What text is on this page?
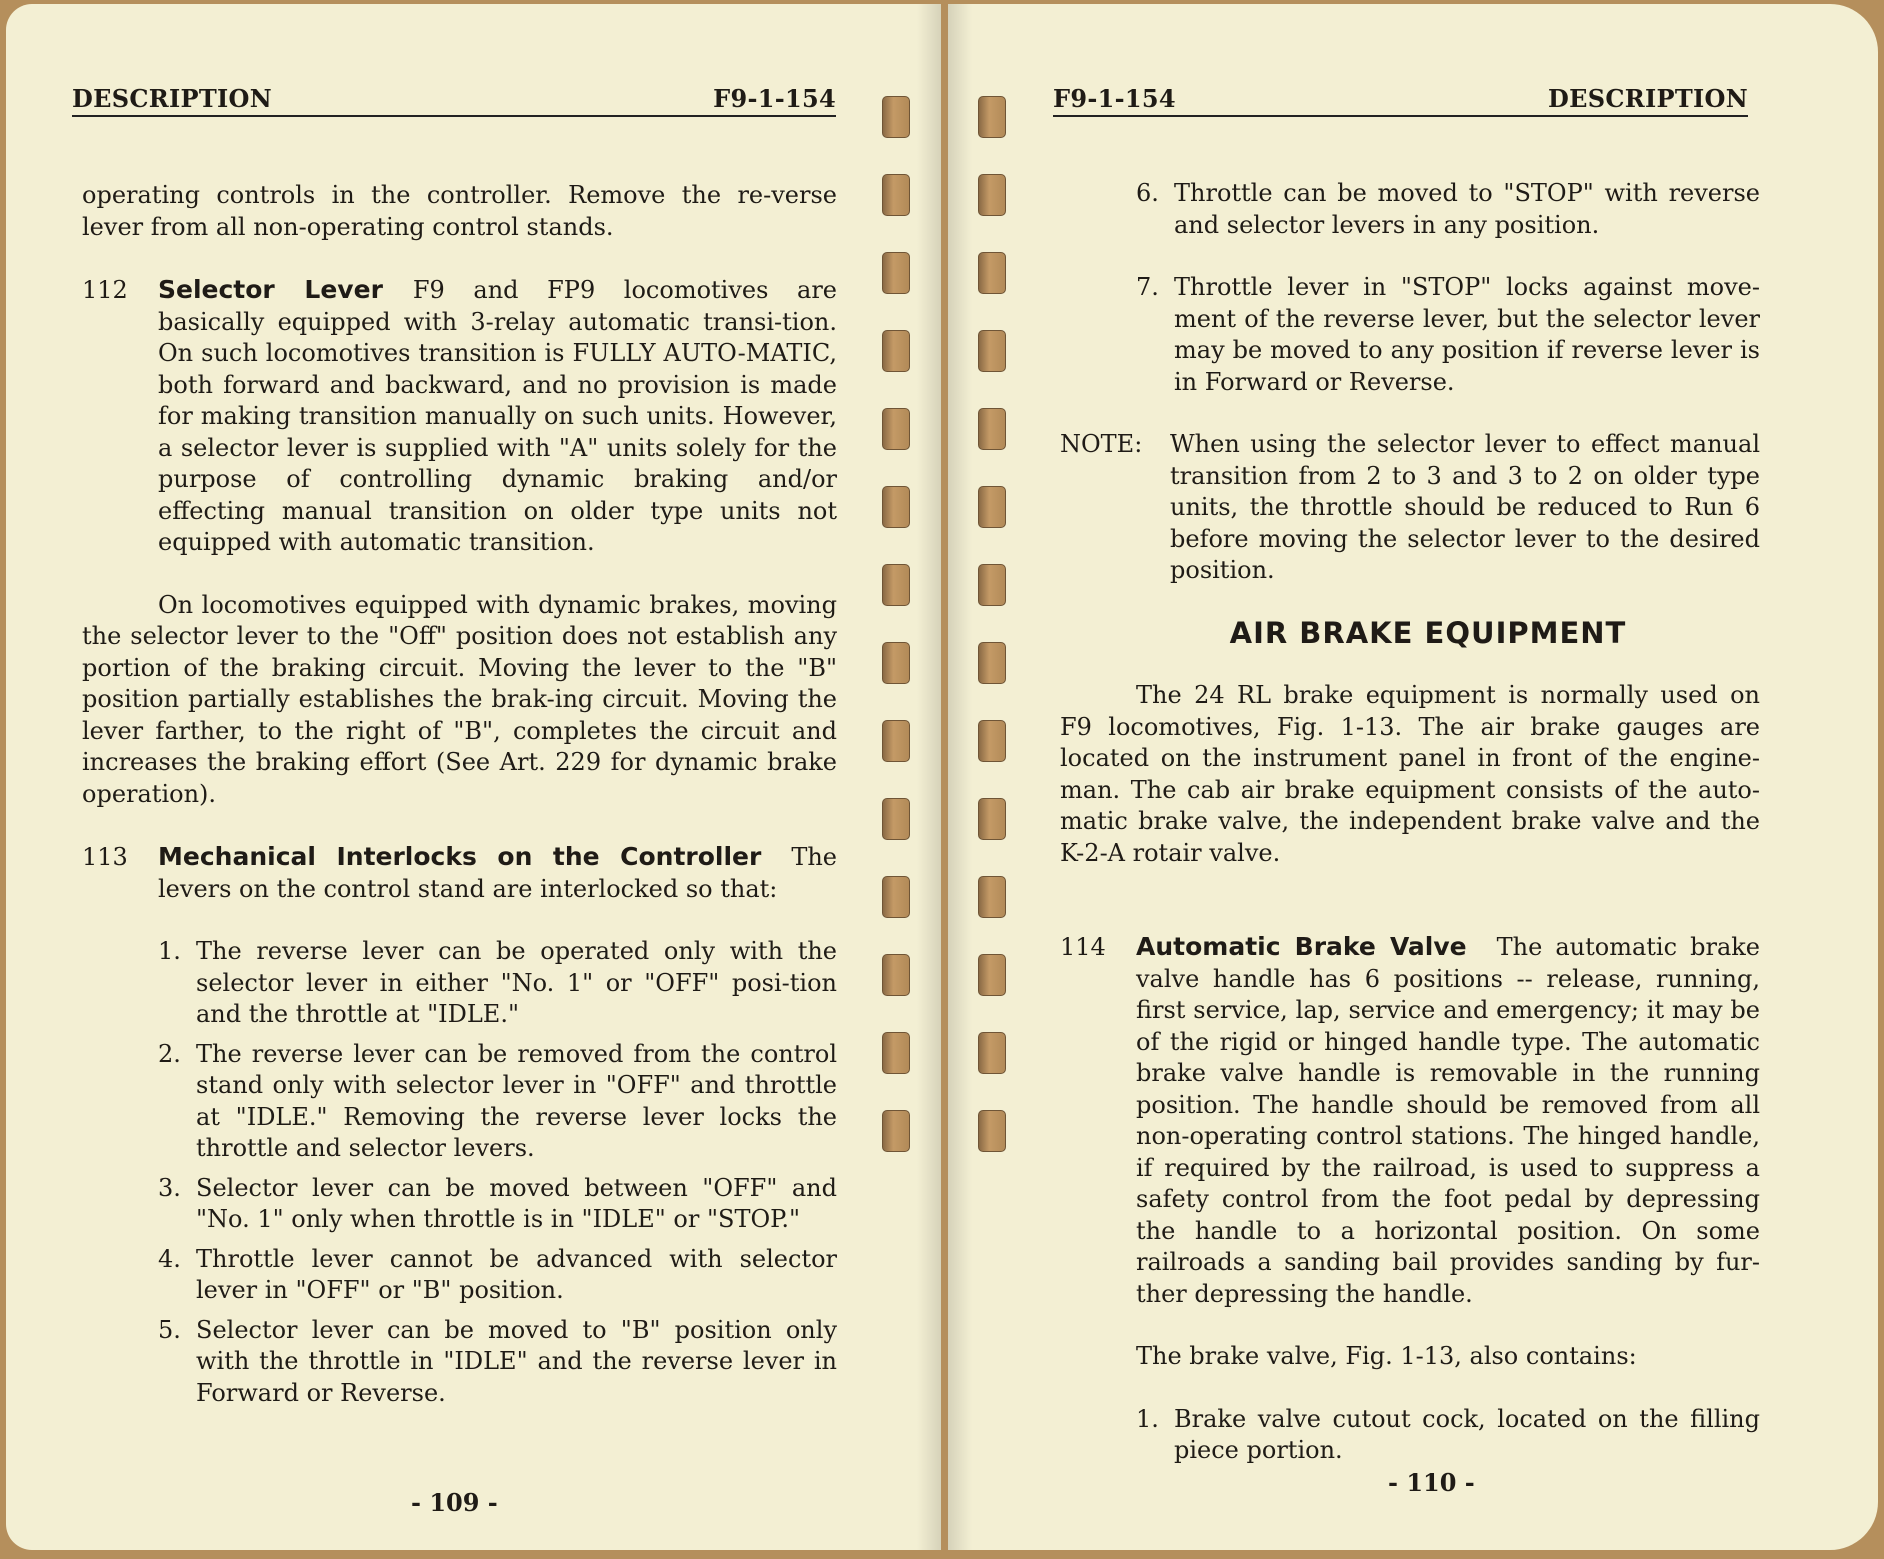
DESCRIPTION	F9-1-154

operating controls in the controller. Remove the re-verse lever from all non-operating control stands.

112 Selector Lever F9 and FP9 locomotives are basically equipped with 3-relay automatic transi-tion. On such locomotives transition is FULLY AUTO-MATIC, both forward and backward, and no provision is made for making transition manually on such units. However, a selector lever is supplied with "A" units solely for the purpose of controlling dynamic braking and/or effecting manual transition on older type units not equipped with automatic transition.

On locomotives equipped with dynamic brakes, moving the selector lever to the "Off" position does not establish any portion of the braking circuit. Moving the lever to the "B" position partially establishes the brak-ing circuit. Moving the lever farther, to the right of "B", completes the circuit and increases the braking effort (See Art. 229 for dynamic brake operation).

113 Mechanical Interlocks on the Controller The levers on the control stand are interlocked so that:

1. The reverse lever can be operated only with the selector lever in either "No. 1" or "OFF" posi-tion and the throttle at "IDLE."

2. The reverse lever can be removed from the control stand only with selector lever in "OFF" and throttle at "IDLE." Removing the reverse lever locks the throttle and selector levers.

3. Selector lever can be moved between "OFF" and "No. 1" only when throttle is in "IDLE" or "STOP."

4. Throttle lever cannot be advanced with selector lever in "OFF" or "B" position.

5. Selector lever can be moved to "B" position only with the throttle in "IDLE" and the reverse lever in Forward or Reverse.

- 109 -
F9-1-154	DESCRIPTION

6. Throttle can be moved to "STOP" with reverse and selector levers in any position.

7. Throttle lever in "STOP" locks against move-ment of the reverse lever, but the selector lever may be moved to any position if reverse lever is in Forward or Reverse.

NOTE:	When using the selector lever to effect manual transition from 2 to 3 and 3 to 2 on older type units, the throttle should be reduced to Run 6 before moving the selector lever to the desired position.

AIR BRAKE EQUIPMENT

The 24 RL brake equipment is normally used on F9 locomotives, Fig. 1-13. The air brake gauges are located on the instrument panel in front of the engine-man. The cab air brake equipment consists of the auto-matic brake valve, the independent brake valve and the K-2-A rotair valve.

114 Automatic Brake Valve The automatic brake valve handle has 6 positions -- release, running, first service, lap, service and emergency; it may be of the rigid or hinged handle type. The automatic brake valve handle is removable in the running position. The handle should be removed from all non-operating control stations. The hinged handle, if required by the railroad, is used to suppress a safety control from the foot pedal by depressing the handle to a horizontal position. On some railroads a sanding bail provides sanding by fur-ther depressing the handle.

The brake valve, Fig. 1-13, also contains:

1. Brake valve cutout cock, located on the filling piece portion.

- 110 -
